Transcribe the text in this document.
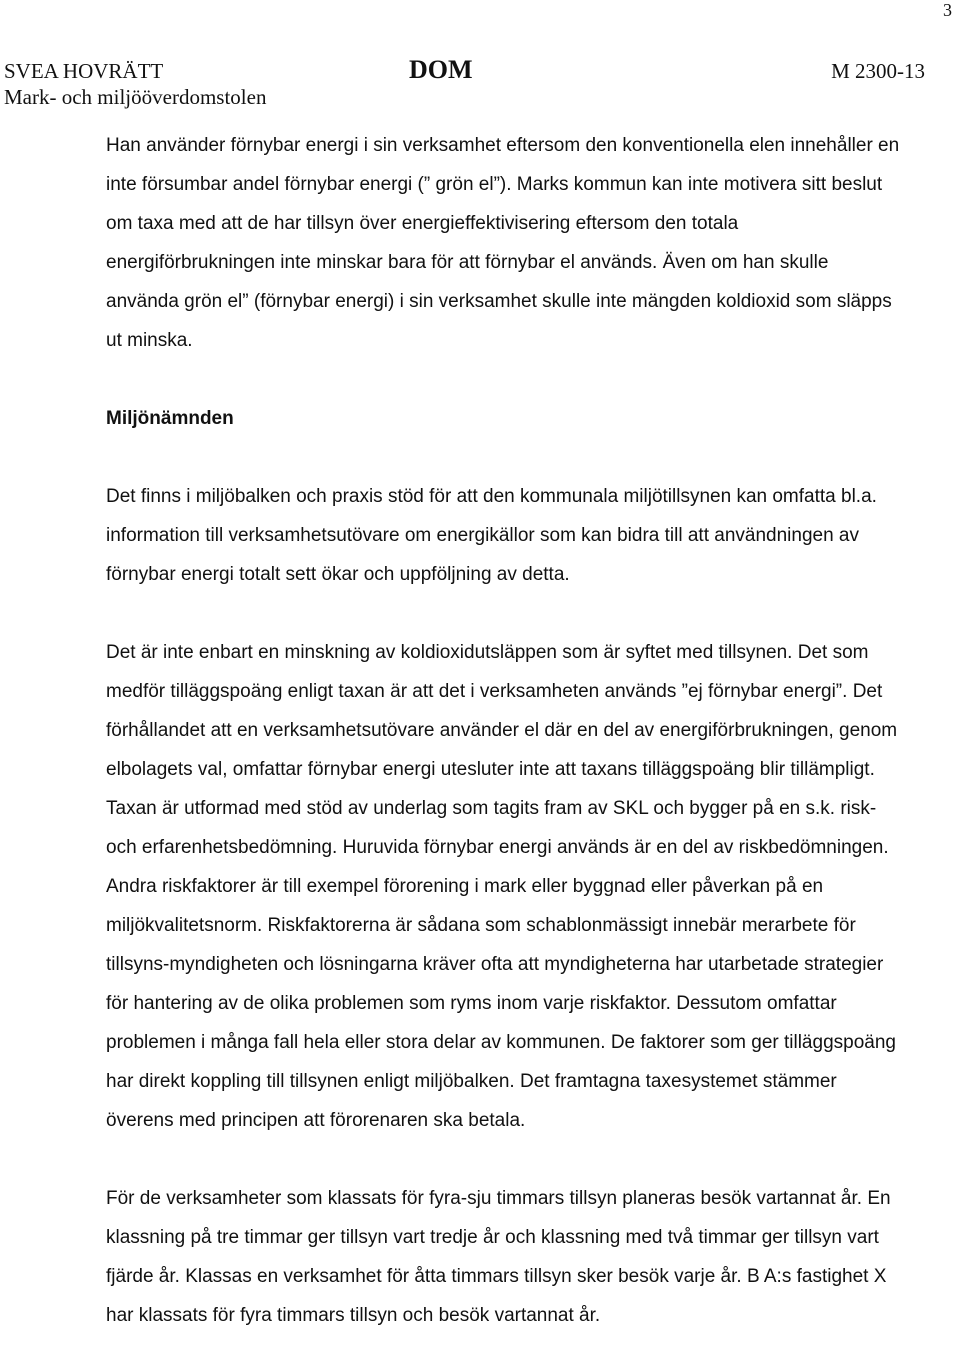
3
SVEA HOVRÄTT
Mark- och miljööverdomstolen
DOM	M 2300-13

Han använder förnybar energi i sin verksamhet eftersom den konventionella elen innehåller en inte försumbar andel förnybar energi (” grön el”). Marks kommun kan inte motivera sitt beslut om taxa med att de har tillsyn över energieffektivisering eftersom den totala energiförbrukningen inte minskar bara för att förnybar el används. Även om han skulle använda grön el” (förnybar energi) i sin verksamhet skulle inte mängden koldioxid som släpps ut minska.

Miljönämnden

Det finns i miljöbalken och praxis stöd för att den kommunala miljötillsynen kan omfatta bl.a. information till verksamhetsutövare om energikällor som kan bidra till att användningen av förnybar energi totalt sett ökar och uppföljning av detta.

Det är inte enbart en minskning av koldioxidutsläppen som är syftet med tillsynen. Det som medför tilläggspoäng enligt taxan är att det i verksamheten används ”ej förnybar energi”. Det förhållandet att en verksamhetsutövare använder el där en del av energiförbrukningen, genom elbolagets val, omfattar förnybar energi utesluter inte att taxans tilläggspoäng blir tillämpligt. Taxan är utformad med stöd av underlag som tagits fram av SKL och bygger på en s.k. risk- och erfarenhetsbedömning. Huruvida förnybar energi används är en del av riskbedömningen. Andra riskfaktorer är till exempel förorening i mark eller byggnad eller påverkan på en miljökvalitetsnorm. Riskfaktorerna är sådana som schablonmässigt innebär merarbete för tillsyns-myndigheten och lösningarna kräver ofta att myndigheterna har utarbetade strategier för hantering av de olika problemen som ryms inom varje riskfaktor. Dessutom omfattar problemen i många fall hela eller stora delar av kommunen. De faktorer som ger tilläggspoäng har direkt koppling till tillsynen enligt miljöbalken. Det framtagna taxesystemet stämmer överens med principen att förorenaren ska betala.

För de verksamheter som klassats för fyra-sju timmars tillsyn planeras besök vartannat år. En klassning på tre timmar ger tillsyn vart tredje år och klassning med två timmar ger tillsyn vart fjärde år. Klassas en verksamhet för åtta timmars tillsyn sker besök varje år. B A:s fastighet X har klassats för fyra timmars tillsyn och besök vartannat år.
